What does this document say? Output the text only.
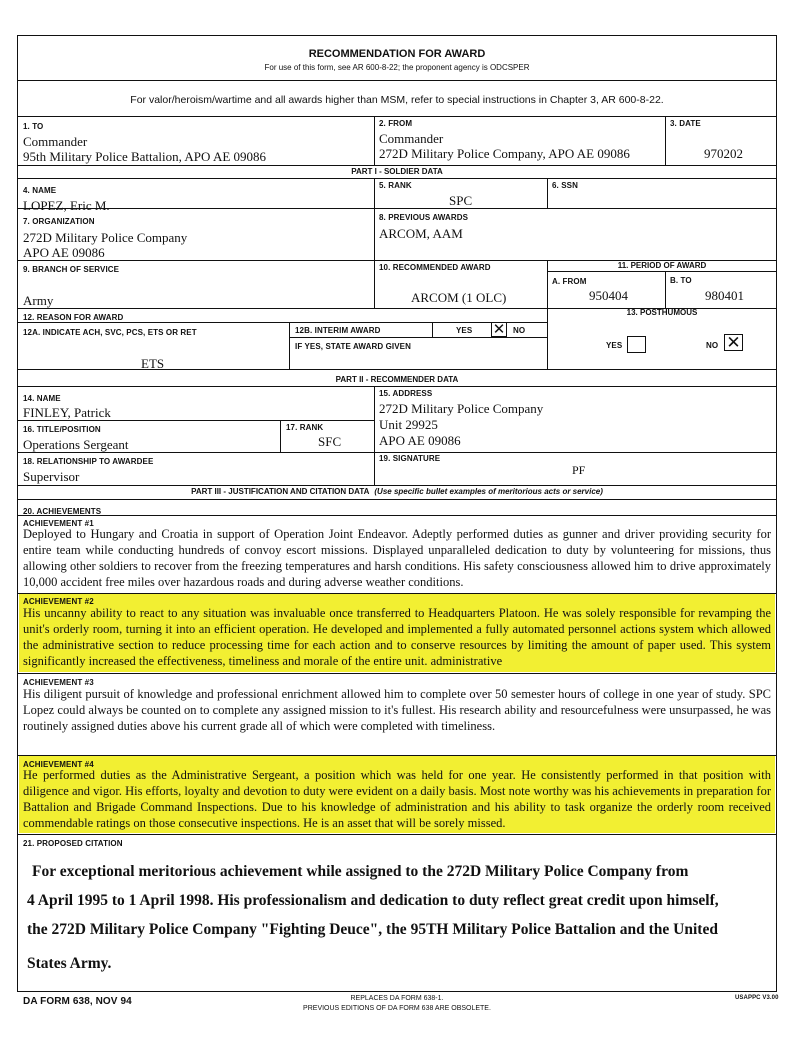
RECOMMENDATION FOR AWARD
For use of this form, see AR 600-8-22; the proponent agency is ODCSPER
For valor/heroism/wartime and all awards higher than MSM, refer to special instructions in Chapter 3, AR 600-8-22.
1. TO
Commander
95th Military Police Battalion, APO AE 09086
2. FROM
Commander
272D Military Police Company, APO AE 09086
3. DATE
970202
PART I - SOLDIER DATA
4. NAME
LOPEZ, Eric M.
5. RANK
SPC
6. SSN
7. ORGANIZATION
272D Military Police Company
APO AE 09086
8. PREVIOUS AWARDS
ARCOM, AAM
9. BRANCH OF SERVICE
Army
10. RECOMMENDED AWARD
ARCOM (1 OLC)
11. PERIOD OF AWARD
A. FROM
950404
B. TO
980401
12. REASON FOR AWARD
12A. INDICATE ACH, SVC, PCS, ETS OR RET
ETS
12B. INTERIM AWARD	YES ✕ NO
IF YES, STATE AWARD GIVEN
13. POSTHUMOUS
YES	NO ✕
PART II - RECOMMENDER DATA
14. NAME
FINLEY, Patrick
15. ADDRESS
272D Military Police Company
Unit 29925
APO AE 09086
16. TITLE/POSITION
Operations Sergeant
17. RANK
SFC
18. RELATIONSHIP TO AWARDEE
Supervisor
19. SIGNATURE
PF
PART III - JUSTIFICATION AND CITATION DATA (Use specific bullet examples of meritorious acts or service)
20. ACHIEVEMENTS
ACHIEVEMENT #1
Deployed to Hungary and Croatia in support of Operation Joint Endeavor. Adeptly performed duties as gunner and driver providing security for entire team while conducting hundreds of convoy escort missions. Displayed unparalleled dedication to duty by volunteering for missions, thus allowing other soldiers to recover from the freezing temperatures and harsh conditions. His safety consciousness allowed him to drive approximately 10,000 accident free miles over hazardous roads and during adverse weather conditions.
ACHIEVEMENT #2
His uncanny ability to react to any situation was invaluable once transferred to Headquarters Platoon. He was solely responsible for revamping the unit's orderly room, turning it into an efficient operation. He developed and implemented a fully automated personnel actions system which allowed the administrative section to reduce processing time for each action and to conserve resources by limiting the amount of paper used. This system significantly increased the effectiveness, timeliness and morale of the entire unit. administrative
ACHIEVEMENT #3
His diligent pursuit of knowledge and professional enrichment allowed him to complete over 50 semester hours of college in one year of study. SPC Lopez could always be counted on to complete any assigned mission to it's fullest. His research ability and resourcefulness were unsurpassed, he was routinely assigned duties above his current grade all of which were completed with timeliness.
ACHIEVEMENT #4
He performed duties as the Administrative Sergeant, a position which was held for one year. He consistently performed in that position with diligence and vigor. His efforts, loyalty and devotion to duty were evident on a daily basis. Most note worthy was his achievements in preparation for Battalion and Brigade Command Inspections. Due to his knowledge of administration and his ability to task organize the orderly room received commendable ratings on those consecutive inspections. He is an asset that will be sorely missed.
21. PROPOSED CITATION
For exceptional meritorious achievement while assigned to the 272D Military Police Company from
4 April 1995 to 1 April 1998. His professionalism and dedication to duty reflect great credit upon himself,
the 272D Military Police Company "Fighting Deuce", the 95TH Military Police Battalion and the United
States Army.
DA FORM 638, NOV 94	REPLACES DA FORM 638-1.
PREVIOUS EDITIONS OF DA FORM 638 ARE OBSOLETE.
USAPPC V3.00
